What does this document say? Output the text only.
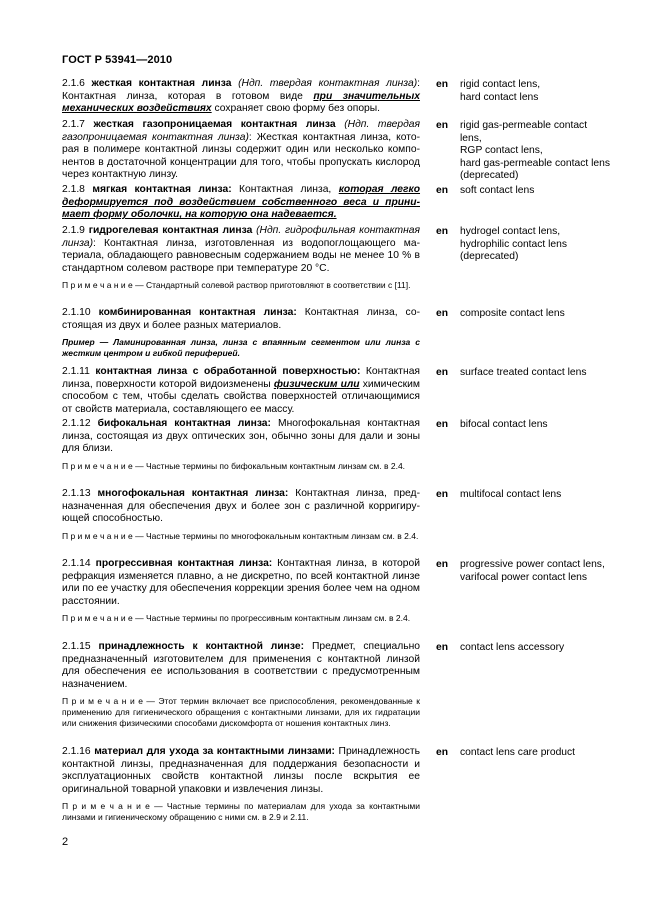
ГОСТ Р 53941—2010
2.1.6 жесткая контактная линза (Ндп. твердая контактная линза): Контактная линза, которая в готовом виде при значительных механических воздействиях сохраняет свою форму без опоры.
en rigid contact lens,
hard contact lens
2.1.7 жесткая газопроницаемая контактная линза (Ндп. твердая газопроницаемая контактная линза): Жесткая контактная линза, которая в полимере контактной линзы содержит один или несколько компонентов в достаточной концентрации для того, чтобы пропускать кислород через контактную линзу.
en rigid gas-permeable contact lens,
RGP contact lens,
hard gas-permeable contact lens (deprecated)
2.1.8 мягкая контактная линза: Контактная линза, которая легко деформируется под воздействием собственного веса и принимает форму оболочки, на которую она надевается.
en soft contact lens
2.1.9 гидрогелевая контактная линза (Ндп. гидрофильная контактная линза): Контактная линза, изготовленная из водопоглощающего материала, обладающего равновесным содержанием воды не менее 10 % в стандартном солевом растворе при температуре 20 °С.
П р и м е ч а н и е — Стандартный солевой раствор приготовляют в соответствии с [11].
en hydrogel contact lens,
hydrophilic contact lens (deprecated)
2.1.10 комбинированная контактная линза: Контактная линза, состоящая из двух и более разных материалов.
Пример — Ламинированная линза, линза с впаянным сегментом или линза с жестким центром и гибкой периферией.
en composite contact lens
2.1.11 контактная линза с обработанной поверхностью: Контактная линза, поверхности которой видоизменены физическим или химическим способом с тем, чтобы сделать свойства поверхностей отличающимися от свойств материала, составляющего ее массу.
en surface treated contact lens
2.1.12 бифокальная контактная линза: Многофокальная контактная линза, состоящая из двух оптических зон, обычно зоны для дали и зоны для близи.
П р и м е ч а н и е — Частные термины по бифокальным контактным линзам см. в 2.4.
en bifocal contact lens
2.1.13 многофокальная контактная линза: Контактная линза, предназначенная для обеспечения двух и более зон с различной корригирующей способностью.
П р и м е ч а н и е — Частные термины по многофокальным контактным линзам см. в 2.4.
en multifocal contact lens
2.1.14 прогрессивная контактная линза: Контактная линза, в которой рефракция изменяется плавно, а не дискретно, по всей контактной линзе или по ее участку для обеспечения коррекции зрения более чем на одном расстоянии.
П р и м е ч а н и е — Частные термины по прогрессивным контактным линзам см. в 2.4.
en progressive power contact lens,
varifocal power contact lens
2.1.15 принадлежность к контактной линзе: Предмет, специально предназначенный изготовителем для применения с контактной линзой для обеспечения ее использования в соответствии с предусмотренным назначением.
П р и м е ч а н и е — Этот термин включает все приспособления, рекомендованные к применению для гигиенического обращения с контактными линзами, для их гидратации или снижения физическими способами дискомфорта от ношения контактных линз.
en contact lens accessory
2.1.16 материал для ухода за контактными линзами: Принадлежность контактной линзы, предназначенная для поддержания безопасности и эксплуатационных свойств контактной линзы после вскрытия ее оригинальной товарной упаковки и извлечения линзы.
П р и м е ч а н и е — Частные термины по материалам для ухода за контактными линзами и гигиеническому обращению с ними см. в 2.9 и 2.11.
en contact lens care product
2
